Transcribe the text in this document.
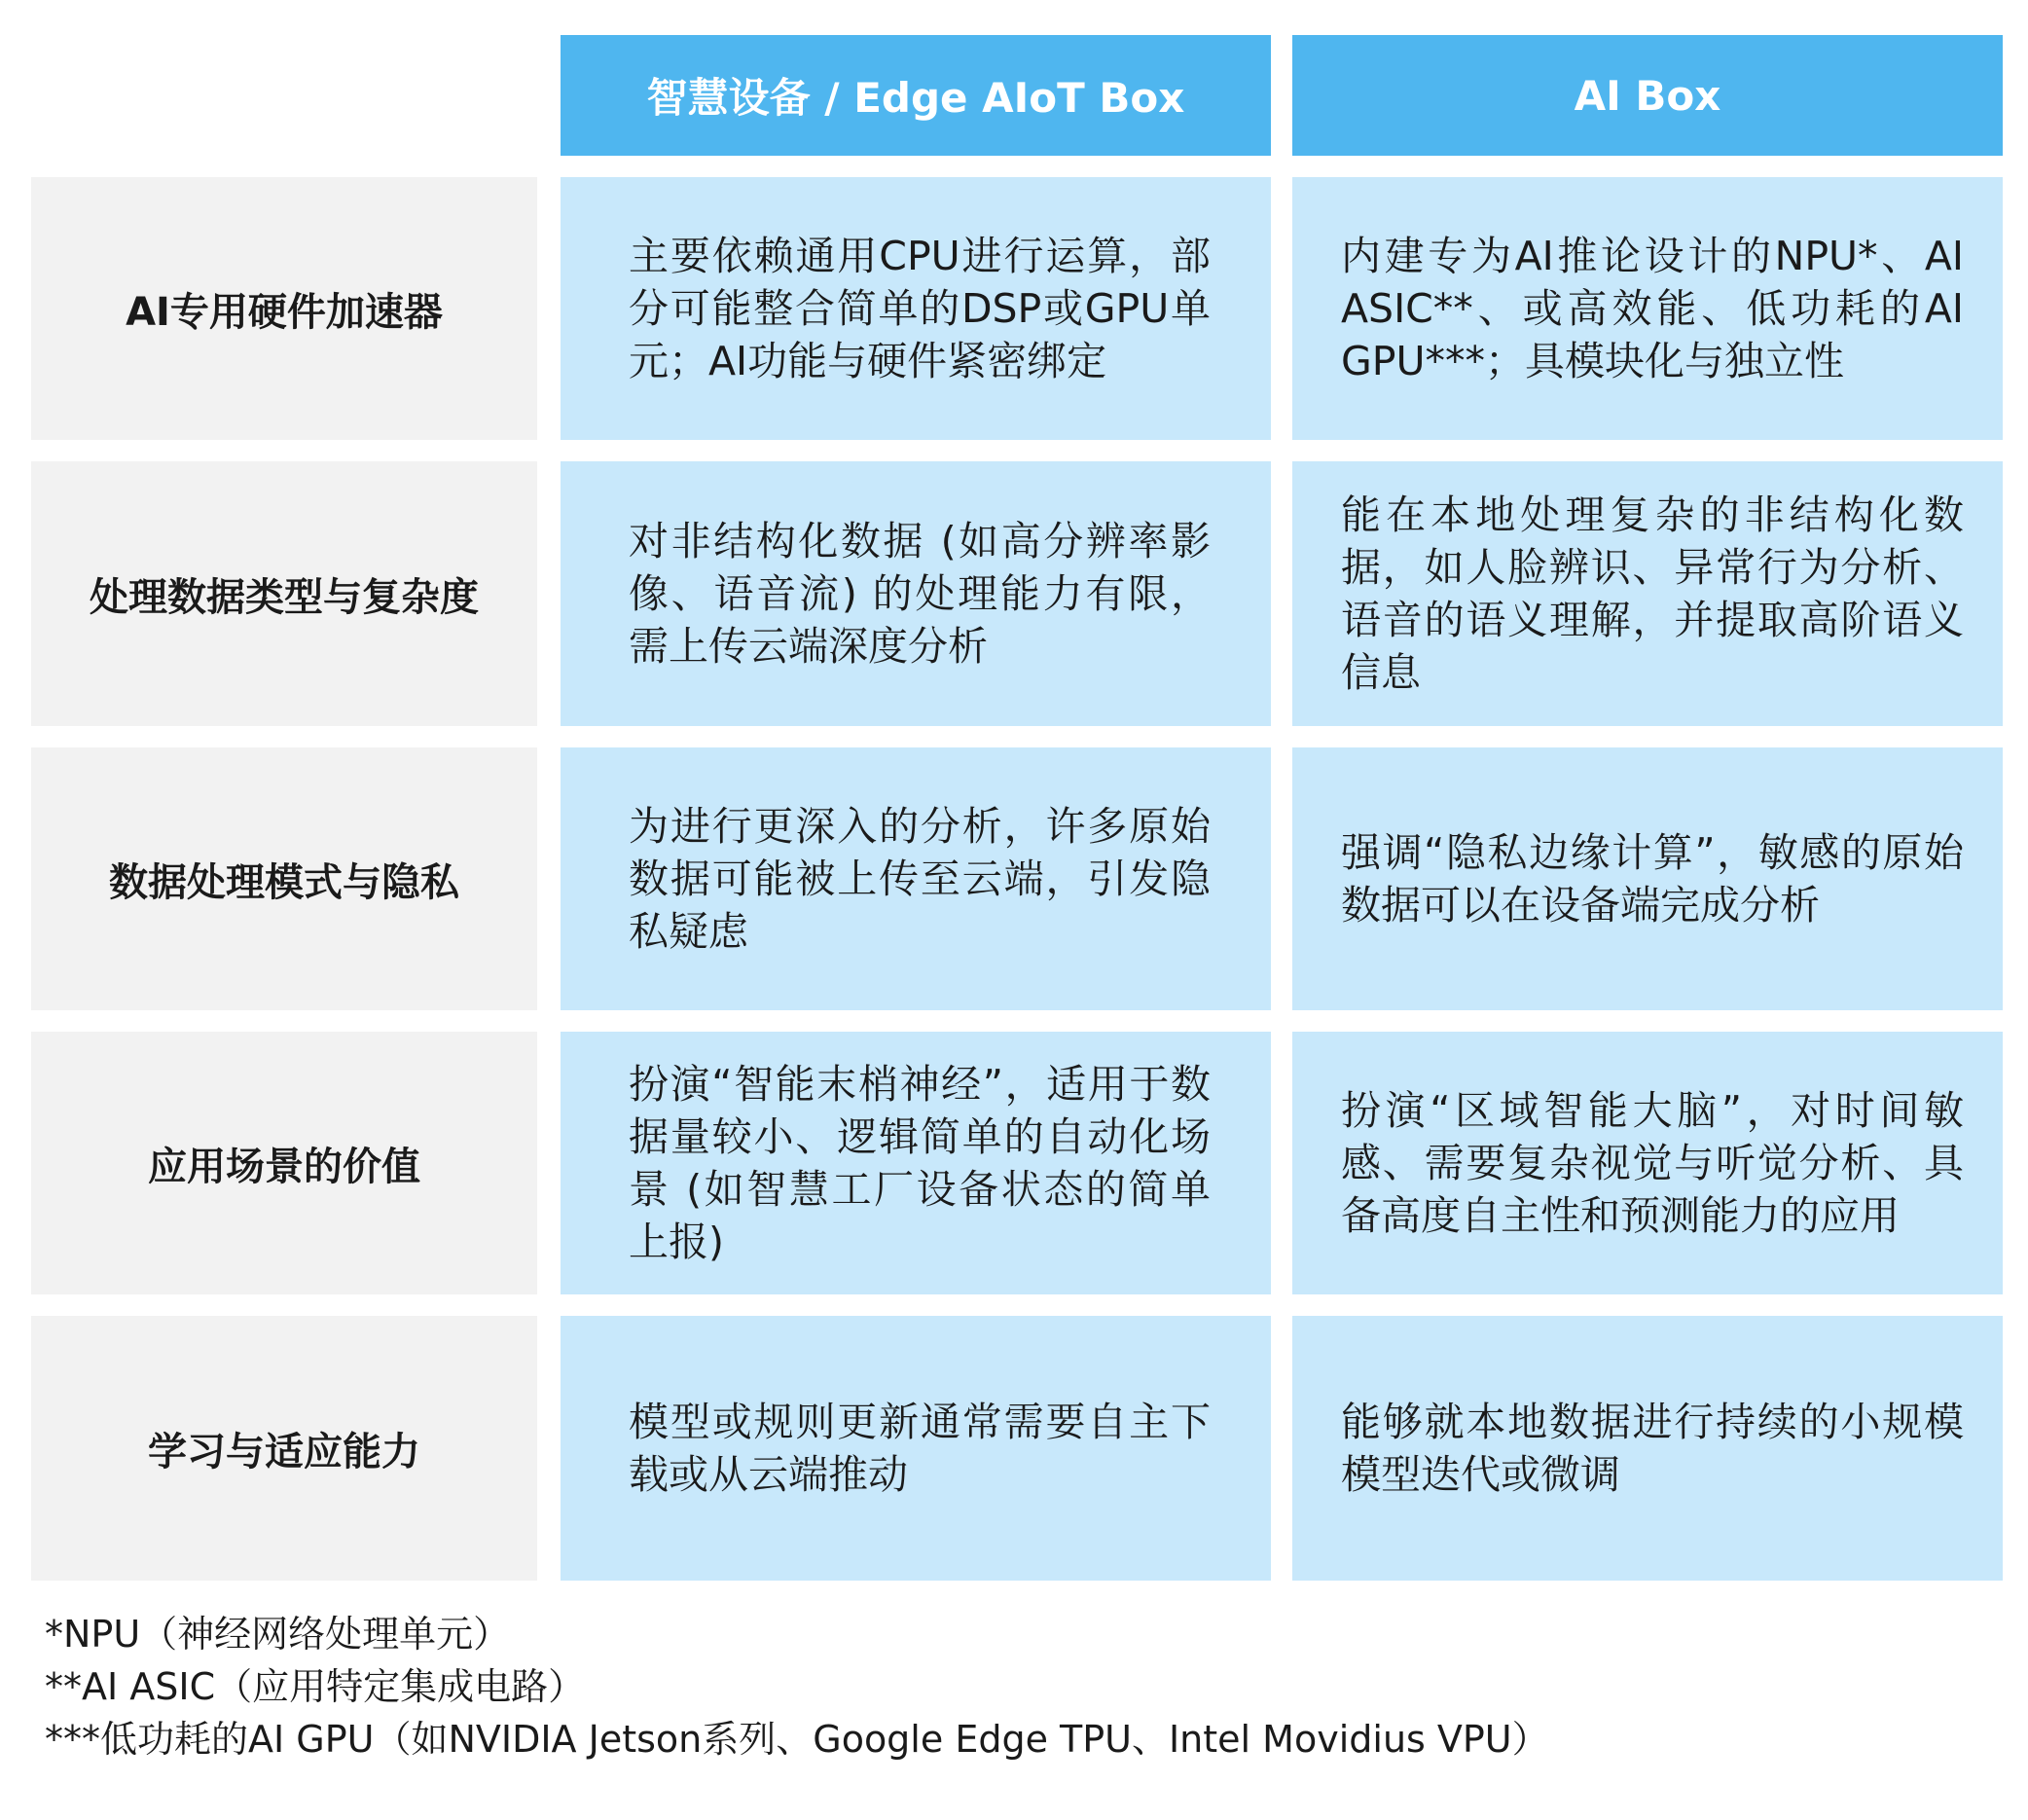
智慧设备 / Edge AIoT Box	AI Box
AI专用硬件加速器
主要依赖通用CPU进行运算，部分可能整合简单的DSP或GPU单元；AI功能与硬件紧密绑定
内建专为AI推论设计的NPU*、AI ASIC**、或高效能、低功耗的AI GPU***；具模块化与独立性
处理数据类型与复杂度
对非结构化数据 (如高分辨率影像、语音流) 的处理能力有限，需上传云端深度分析
能在本地处理复杂的非结构化数据，如人脸辨识、异常行为分析、语音的语义理解，并提取高阶语义信息
数据处理模式与隐私
为进行更深入的分析，许多原始数据可能被上传至云端，引发隐私疑虑
强调“隐私边缘计算”，敏感的原始数据可以在设备端完成分析
应用场景的价值
扮演“智能末梢神经”，适用于数据量较小、逻辑简单的自动化场景 (如智慧工厂设备状态的简单上报)
扮演“区域智能大脑”，对时间敏感、需要复杂视觉与听觉分析、具备高度自主性和预测能力的应用
学习与适应能力
模型或规则更新通常需要自主下载或从云端推动
能够就本地数据进行持续的小规模模型迭代或微调
*NPU（神经网络处理单元）
**AI ASIC（应用特定集成电路）
***低功耗的AI GPU（如NVIDIA Jetson系列、Google Edge TPU、Intel Movidius VPU）
